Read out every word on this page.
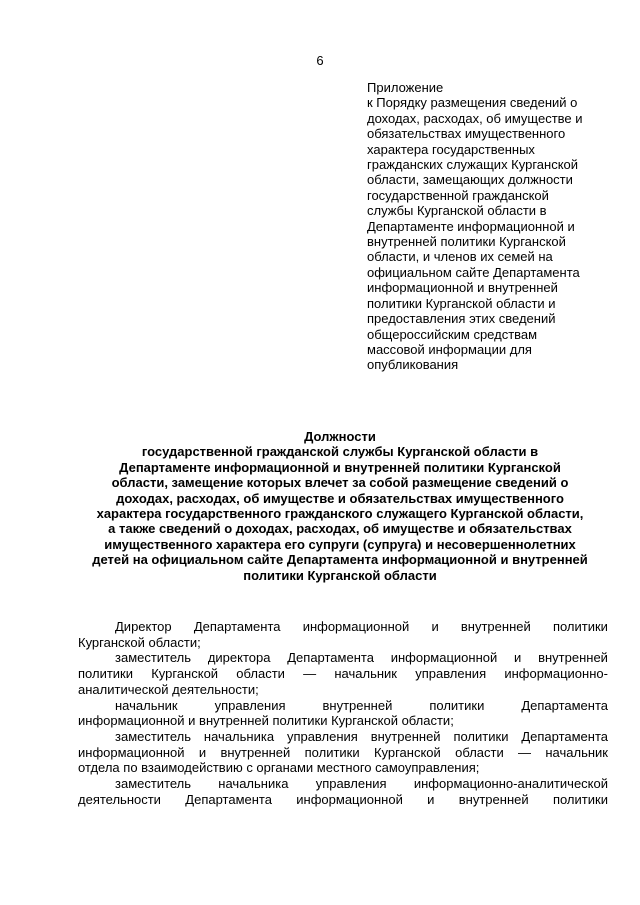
6
Приложение
к Порядку размещения сведений о
доходах, расходах, об имуществе и
обязательствах имущественного
характера государственных
гражданских служащих Курганской
области, замещающих должности
государственной гражданской
службы Курганской области в
Департаменте информационной и
внутренней политики Курганской
области, и членов их семей на
официальном сайте Департамента
информационной и внутренней
политики Курганской области и
предоставления этих сведений
общероссийским средствам
массовой информации для
опубликования
Должности
государственной гражданской службы Курганской области в
Департаменте информационной и внутренней политики Курганской
области, замещение которых влечет за собой размещение сведений о
доходах, расходах, об имуществе и обязательствах имущественного
характера государственного гражданского служащего Курганской области,
а также сведений о доходах, расходах, об имуществе и обязательствах
имущественного характера его супруги (супруга) и несовершеннолетних
детей на официальном сайте Департамента информационной и внутренней
политики Курганской области
Директор Департамента информационной и внутренней политики
Курганской области;
заместитель директора Департамента информационной и внутренней
политики Курганской области — начальник управления информационно-
аналитической деятельности;
начальник	управления	внутренней	политики	Департамента
информационной и внутренней политики Курганской области;
заместитель начальника управления внутренней политики Департамента
информационной и внутренней политики Курганской области — начальник
отдела по взаимодействию с органами местного самоуправления;
заместитель начальника управления информационно-аналитической
деятельности Департамента информационной и внутренней политики
